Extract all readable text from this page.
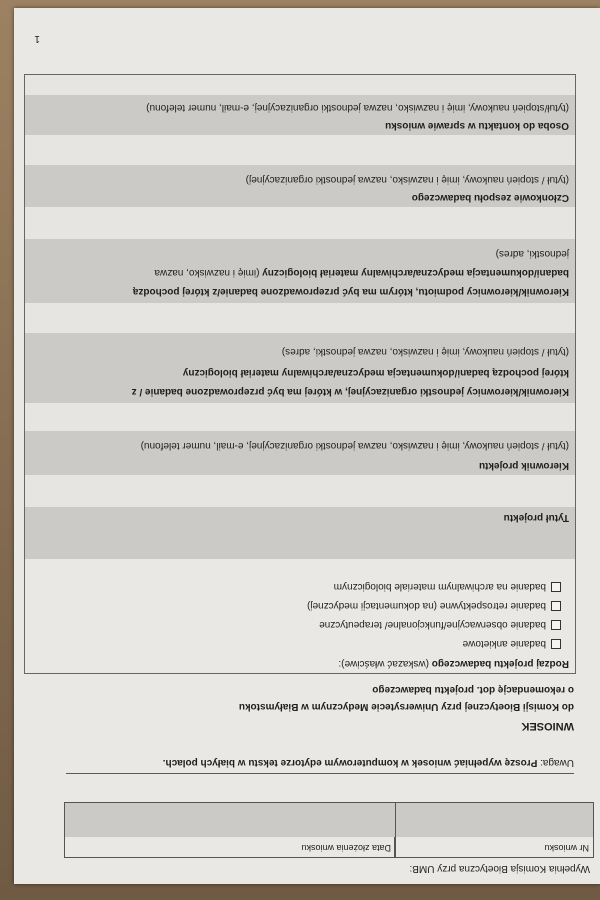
Wypełnia Komisja Bioetyczna przy UMB:
Nr wniosku
Data złożenia wniosku
Uwaga: Proszę wypełniać wniosek w komputerowym edytorze tekstu w białych polach.
WNIOSEK
do Komisji Bioetycznej przy Uniwersytecie Medycznym w Białymstoku
o rekomendację dot. projektu badawczego
Rodzaj projektu badawczego (wskazać właściwe):
badanie ankietowe
badanie obserwacyjne/funkcjonalne/ terapeutyczne
badanie retrospektywne (na dokumentacji medycznej)
badanie na archiwalnym materiale biologicznym
Tytuł projektu
Kierownik projektu
(tytuł / stopień naukowy, imię i nazwisko, nazwa jednostki organizacyjnej, e-mail, numer telefonu)
Kierownik/kierownicy jednostki organizacyjnej, w której ma być przeprowadzone badanie / z
której pochodzą badani/dokumentacja medyczna/archiwalny materiał biologiczny
(tytuł / stopień naukowy, imię i nazwisko, nazwa jednostki, adres)
Kierownik/kierownicy podmiotu, którym ma być przeprowadzone badanie/z której pochodzą
badani/dokumentacja medyczna/archiwalny materiał biologiczny (imię i nazwisko, nazwa
jednostki, adres)
Członkowie zespołu badawczego
(tytuł / stopień naukowy, imię i nazwisko, nazwa jednostki organizacyjnej)
Osoba do kontaktu w sprawie wniosku
(tytuł/stopień naukowy, imię i nazwisko, nazwa jednostki organizacyjnej, e-mail, numer telefonu)
1
